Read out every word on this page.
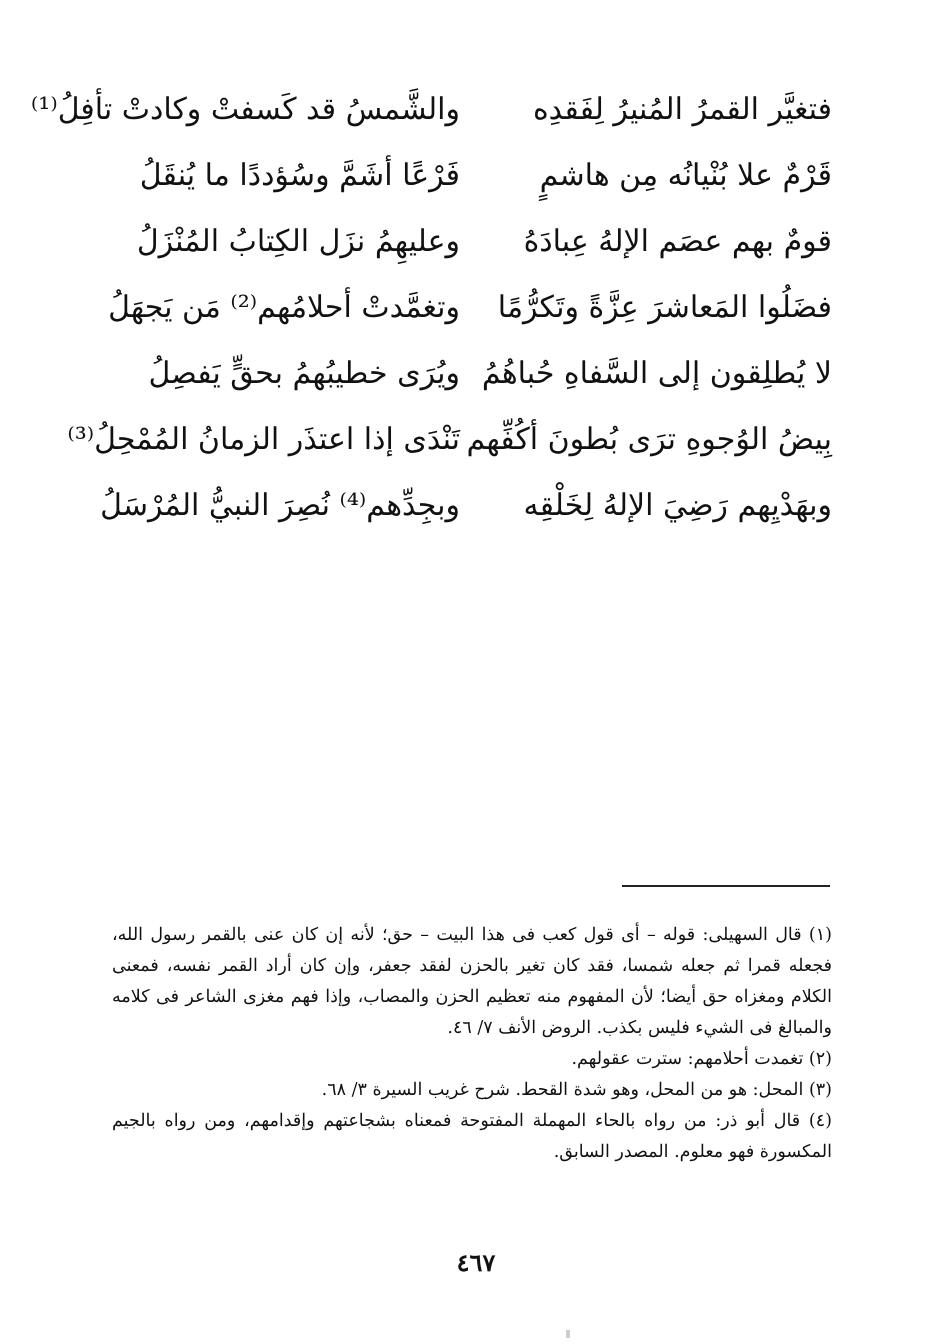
فتغيَّر القمرُ المُنيرُ لِفَقدِه
والشَّمسُ قد كَسفتْ وكادتْ تأفِلُ⁽¹⁾
قَرْمٌ علا بُنْيانُه مِن هاشمٍ
فَرْعًا أشَمَّ وسُؤددًا ما يُنقَلُ
قومٌ بهم عصَم الإلهُ عِبادَهُ
وعليهِمُ نزَل الكِتابُ المُنْزَلُ
فضَلُوا المَعاشرَ عِزَّةً وتَكرُّمًا
وتغمَّدتْ أحلامُهم⁽²⁾ مَن يَجهَلُ
لا يُطلِقون إلى السَّفاهِ حُباهُمُ
ويُرَى خطيبُهمُ بحقٍّ يَفصِلُ
بِيضُ الوُجوهِ ترَى بُطونَ أكُفِّهم
تَنْدَى إذا اعتذَر الزمانُ المُمْحِلُ⁽³⁾
وبهَدْيِهم رَضِيَ الإلهُ لِخَلْقِه
وبجِدِّهم⁽⁴⁾ نُصِرَ النبيُّ المُرْسَلُ

(١) قال السهيلى: قوله – أى قول كعب فى هذا البيت – حق؛ لأنه إن كان عنى بالقمر رسول الله، فجعله قمرا ثم جعله شمسا، فقد كان تغير بالحزن لفقد جعفر، وإن كان أراد القمر نفسه، فمعنى الكلام ومغزاه حق أيضا؛ لأن المفهوم منه تعظيم الحزن والمصاب، وإذا فهم مغزى الشاعر فى كلامه والمبالغ فى الشيء فليس بكذب. الروض الأنف ٧/ ٤٦.

(٢) تغمدت أحلامهم: سترت عقولهم.

(٣) المحل: هو من المحل، وهو شدة القحط. شرح غريب السيرة ٣/ ٦٨.

(٤) قال أبو ذر: من رواه بالحاء المهملة المفتوحة فمعناه بشجاعتهم وإقدامهم، ومن رواه بالجيم المكسورة فهو معلوم. المصدر السابق.

٤٦٧
